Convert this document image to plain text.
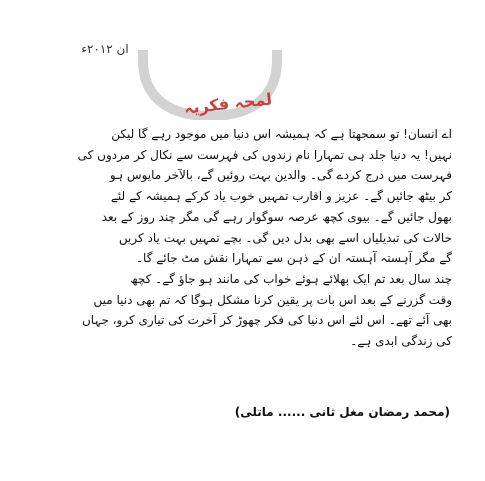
ان ۲۰۱۲ء
لمحہ فکریہ

اے انسان! تو سمجھتا ہے کہ ہمیشہ اس دنیا میں موجود رہے گا لیکن
نہیں! یہ دنیا جلد ہی تمہارا نام زندوں کی فہرست سے نکال کر مردوں کی
فہرست میں درج کردے گی۔ والدین بہت روئیں گے، بالآخر مایوس ہو
کر بیٹھ جائیں گے۔ عزیز و اقارب تمہیں خوب یاد کرکے ہمیشہ کے لئے
بھول جائیں گے۔ بیوی کچھ عرصہ سوگوار رہے گی مگر چند روز کے بعد
حالات کی تبدیلیاں اسے بھی بدل دیں گی۔ بچے تمہیں بہت یاد کریں
گے مگر آہستہ آہستہ ان کے ذہن سے تمہارا نقش مٹ جائے گا۔

چند سال بعد تم ایک بھلائے ہوئے خواب کی مانند ہو جاؤ گے۔ کچھ
وقت گزرنے کے بعد اس بات پر یقین کرنا مشکل ہوگا کہ تم بھی دنیا میں
بھی آئے تھے۔ اس لئے اس دنیا کی فکر چھوڑ کر آخرت کی تیاری کرو، جہاں
کی زندگی ابدی ہے۔

(محمد رمضان مغل ثانی ...... ماتلی)
